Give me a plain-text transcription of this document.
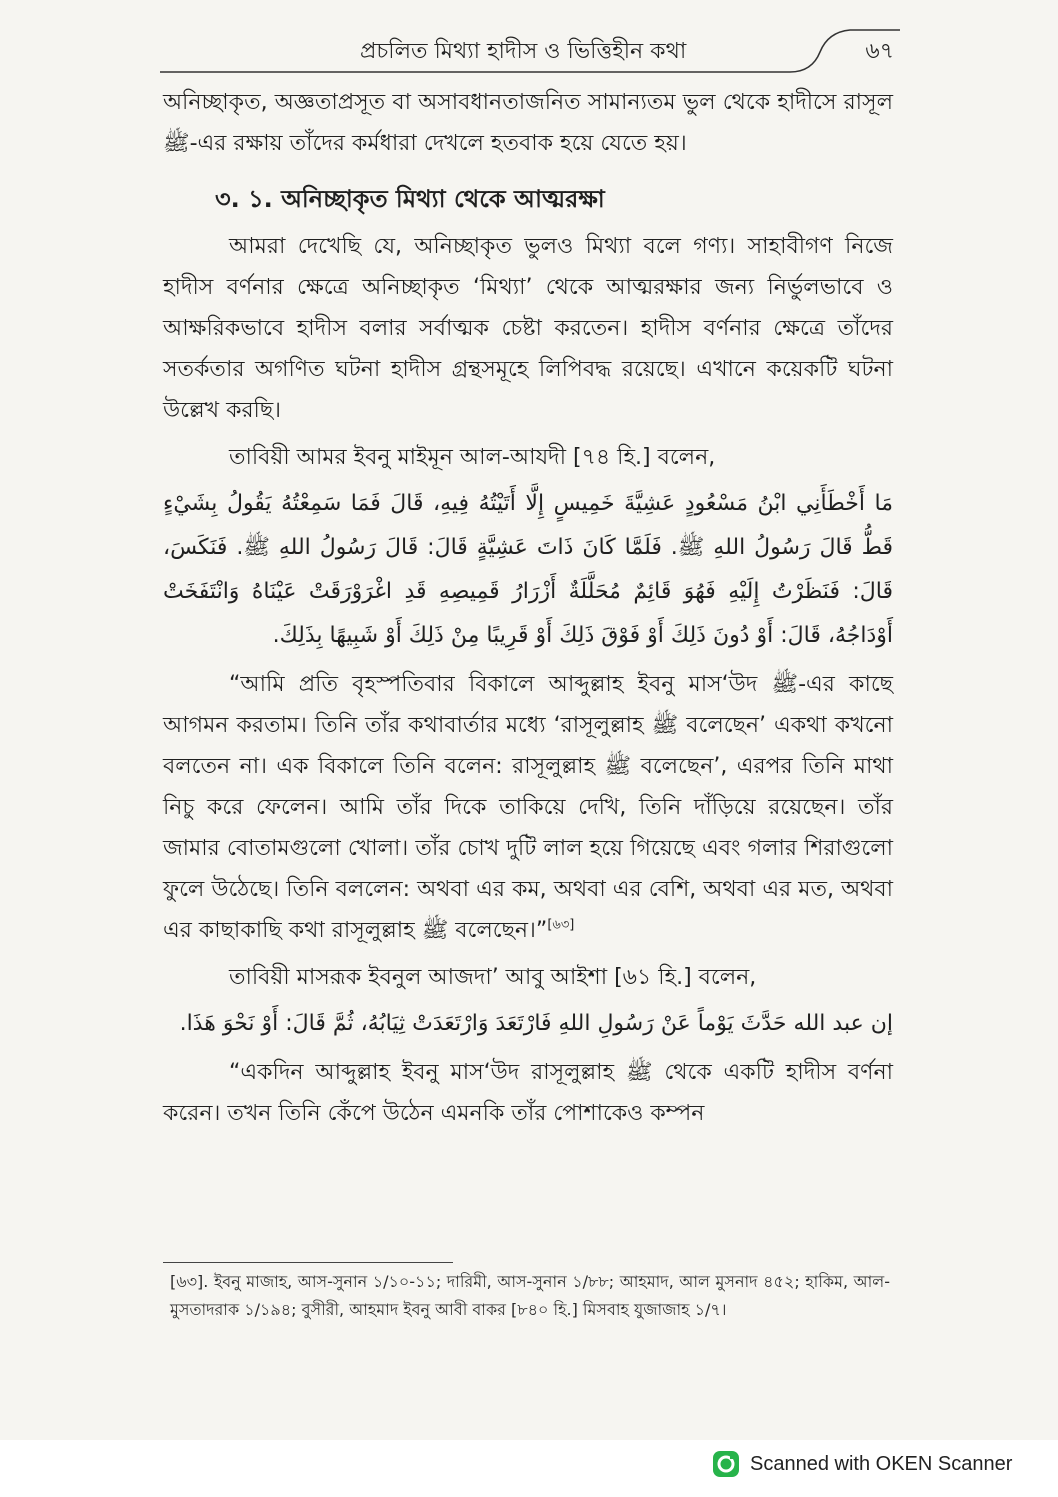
প্রচলিত মিথ্যা হাদীস ও ভিত্তিহীন কথা	৬৭

অনিচ্ছাকৃত, অজ্ঞতাপ্রসূত বা অসাবধানতাজনিত সামান্যতম ভুল থেকে হাদীসে রাসূল ﷺ-এর রক্ষায় তাঁদের কর্মধারা দেখলে হতবাক হয়ে যেতে হয়।

৩. ১. অনিচ্ছাকৃত মিথ্যা থেকে আত্মরক্ষা

আমরা দেখেছি যে, অনিচ্ছাকৃত ভুলও মিথ্যা বলে গণ্য। সাহাবীগণ নিজে হাদীস বর্ণনার ক্ষেত্রে অনিচ্ছাকৃত ‘মিথ্যা’ থেকে আত্মরক্ষার জন্য নির্ভুলভাবে ও আক্ষরিকভাবে হাদীস বলার সর্বাত্মক চেষ্টা করতেন। হাদীস বর্ণনার ক্ষেত্রে তাঁদের সতর্কতার অগণিত ঘটনা হাদীস গ্রন্থসমূহে লিপিবদ্ধ রয়েছে। এখানে কয়েকটি ঘটনা উল্লেখ করছি।

তাবিয়ী আমর ইবনু মাইমূন আল-আযদী [৭৪ হি.] বলেন,

مَا أَخْطَأَنِي ابْنُ مَسْعُودٍ عَشِيَّةَ خَمِيسٍ إِلَّا أَتَيْتُهُ فِيهِ، قَالَ فَمَا سَمِعْتُهُ يَقُولُ بِشَيْءٍ قَطُّ قَالَ رَسُولُ اللهِ ﷺ. فَلَمَّا كَانَ ذَاتَ عَشِيَّةٍ قَالَ: قَالَ رَسُولُ اللهِ ﷺ. فَنَكَسَ، قَالَ: فَنَظَرْتُ إِلَيْهِ فَهُوَ قَائِمٌ مُحَلَّلَةٌ أَزْرَارُ قَمِيصِهِ قَدِ اغْرَوْرَقَتْ عَيْنَاهُ وَانْتَفَخَتْ أَوْدَاجُهُ، قَالَ: أَوْ دُونَ ذَلِكَ أَوْ فَوْقَ ذَلِكَ أَوْ قَرِيبًا مِنْ ذَلِكَ أَوْ شَبِيهًا بِذَلِكَ.

“আমি প্রতি বৃহস্পতিবার বিকালে আব্দুল্লাহ ইবনু মাস‘উদ ﷺ-এর কাছে আগমন করতাম। তিনি তাঁর কথাবার্তার মধ্যে ‘রাসূলুল্লাহ ﷺ বলেছেন’ একথা কখনো বলতেন না। এক বিকালে তিনি বলেন: রাসূলুল্লাহ ﷺ বলেছেন’, এরপর তিনি মাথা নিচু করে ফেলেন। আমি তাঁর দিকে তাকিয়ে দেখি, তিনি দাঁড়িয়ে রয়েছেন। তাঁর জামার বোতামগুলো খোলা। তাঁর চোখ দুটি লাল হয়ে গিয়েছে এবং গলার শিরাগুলো ফুলে উঠেছে। তিনি বললেন: অথবা এর কম, অথবা এর বেশি, অথবা এর মত, অথবা এর কাছাকাছি কথা রাসূলুল্লাহ ﷺ বলেছেন।”[৬৩]

তাবিয়ী মাসরূক ইবনুল আজদা’ আবু আইশা [৬১ হি.] বলেন,

إن عبد الله حَدَّثَ يَوْماً عَنْ رَسُولِ اللهِ فَارْتَعَدَ وَارْتَعَدَتْ ثِيَابُهُ، ثُمَّ قَالَ: أَوْ نَحْوَ هَذَا.

“একদিন আব্দুল্লাহ ইবনু মাস‘উদ রাসূলুল্লাহ ﷺ থেকে একটি হাদীস বর্ণনা করেন। তখন তিনি কেঁপে উঠেন এমনকি তাঁর পোশাকেও কম্পন

[৬৩]. ইবনু মাজাহ, আস-সুনান ১/১০-১১; দারিমী, আস-সুনান ১/৮৮; আহমাদ, আল মুসনাদ ৪৫২; হাকিম, আল-মুসতাদরাক ১/১৯৪; বুসীরী, আহমাদ ইবনু আবী বাকর [৮৪০ হি.] মিসবাহ যুজাজাহ ১/৭।
Scanned with OKEN Scanner
